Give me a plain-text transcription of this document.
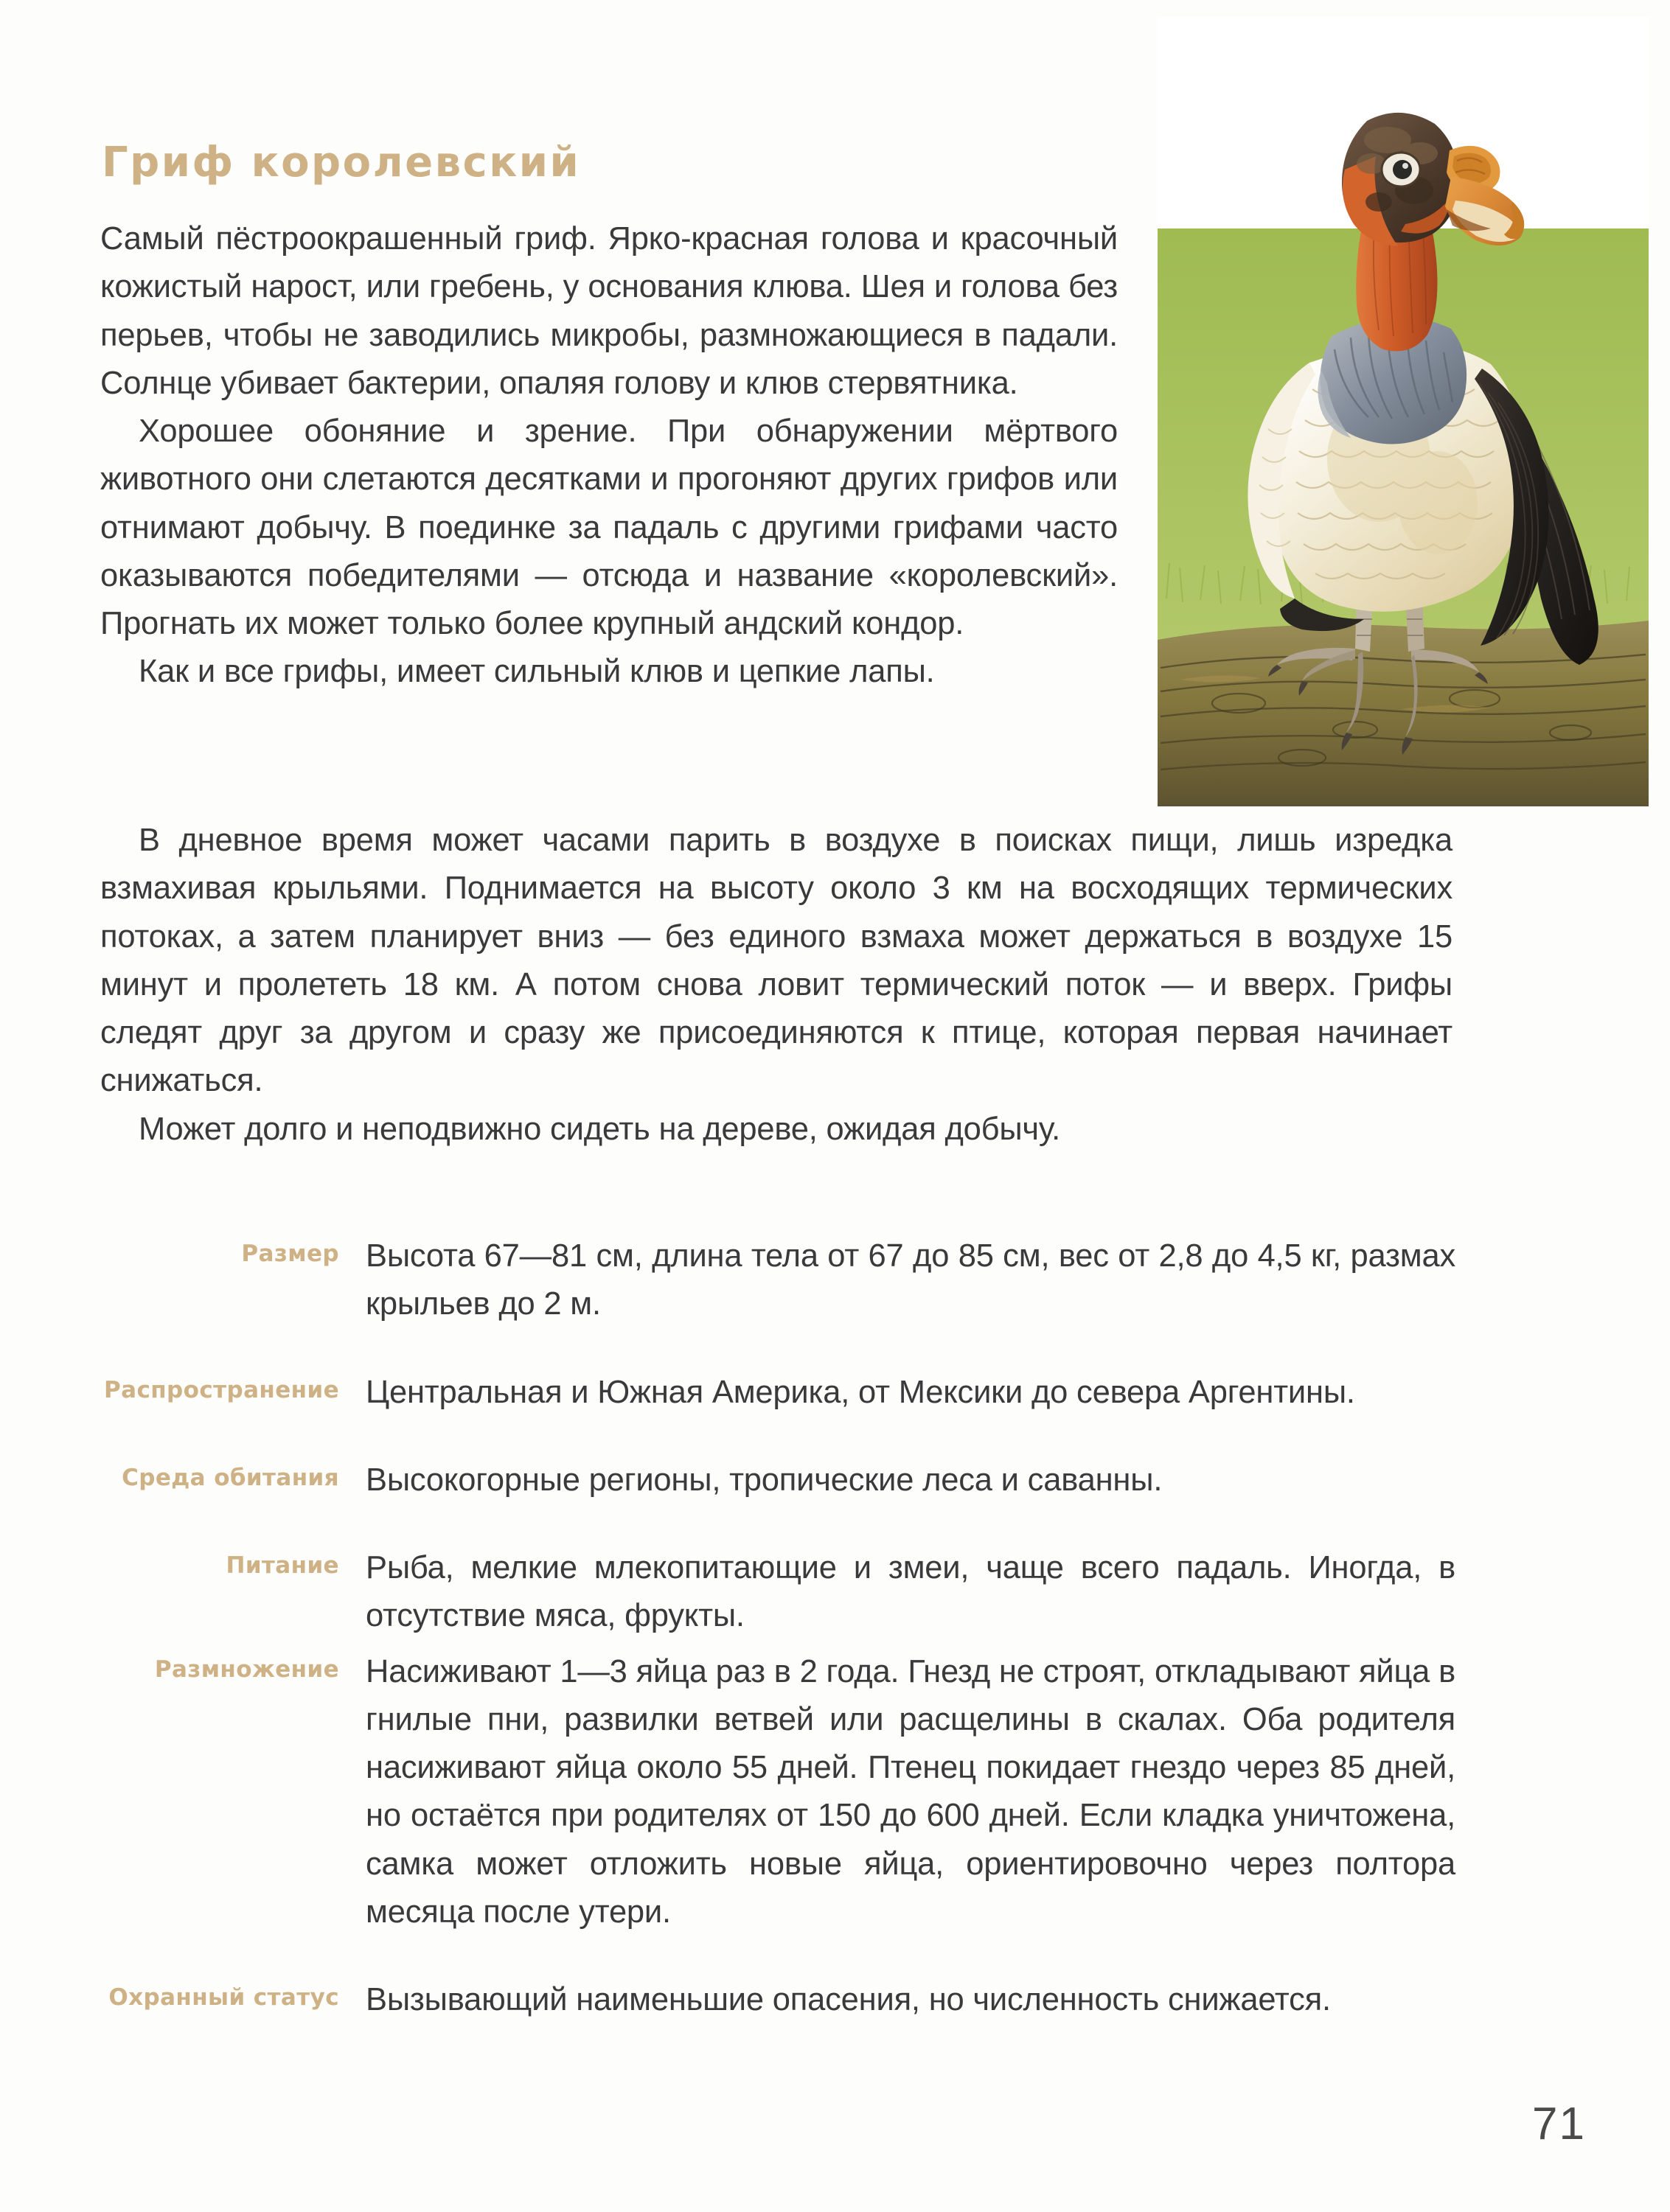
Гриф королевский

Самый пёстроокрашенный гриф. Ярко-красная голова и красочный кожистый нарост, или гребень, у основания клюва. Шея и голова без перьев, чтобы не заводились микробы, размножающиеся в падали. Солнце убивает бактерии, опаляя голову и клюв стервятника.

Хорошее обоняние и зрение. При обнаружении мёртвого животного они слетаются десятками и прогоняют других грифов или отнимают добычу. В поединке за падаль с другими грифами часто оказываются победителями — отсюда и название «королевский». Прогнать их может только более крупный андский кондор.

Как и все грифы, имеет сильный клюв и цепкие лапы.

В дневное время может часами парить в воздухе в поисках пищи, лишь изредка взмахивая крыльями. Поднимается на высоту около 3 км на восходящих термических потоках, а затем планирует вниз — без единого взмаха может держаться в воздухе 15 минут и пролететь 18 км. А потом снова ловит термический поток — и вверх. Грифы следят друг за другом и сразу же присоединяются к птице, которая первая начинает снижаться.

Может долго и неподвижно сидеть на дереве, ожидая добычу.

Размер Высота 67—81 см, длина тела от 67 до 85 см, вес от 2,8 до 4,5 кг, размах крыльев до 2 м.
Распространение Центральная и Южная Америка, от Мексики до севера Аргентины.
Среда обитания Высокогорные регионы, тропические леса и саванны.
Питание Рыба, мелкие млекопитающие и змеи, чаще всего падаль. Иногда, в отсутствие мяса, фрукты.
Размножение Насиживают 1—3 яйца раз в 2 года. Гнезд не строят, откладывают яйца в гнилые пни, развилки ветвей или расщелины в скалах. Оба родителя насиживают яйца около 55 дней. Птенец покидает гнездо через 85 дней, но остаётся при родителях от 150 до 600 дней. Если кладка уничтожена, самка может отложить новые яйца, ориентировочно через полтора месяца после утери.
Охранный статус Вызывающий наименьшие опасения, но численность снижается.
71
